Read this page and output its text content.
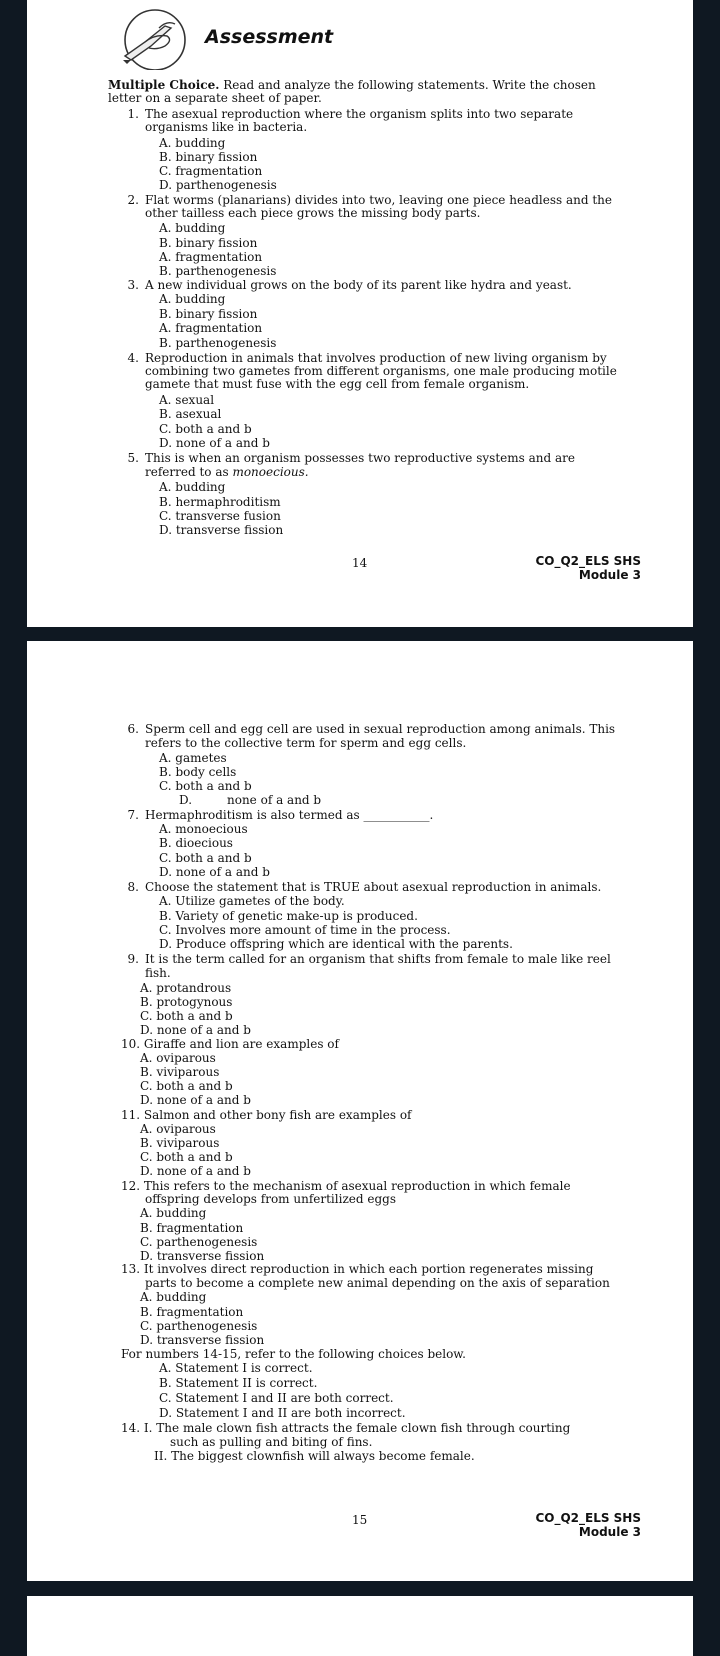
Assessment
Multiple Choice. Read and analyze the following statements. Write the chosen
letter on a separate sheet of paper.
1. The asexual reproduction where the organism splits into two separate
organisms like in bacteria.
A. budding
B. binary fission
C. fragmentation
D. parthenogenesis
2. Flat worms (planarians) divides into two, leaving one piece headless and the
other tailless each piece grows the missing body parts.
A. budding
B. binary fission
A. fragmentation
B. parthenogenesis
3. A new individual grows on the body of its parent like hydra and yeast.
A. budding
B. binary fission
A. fragmentation
B. parthenogenesis
4. Reproduction in animals that involves production of new living organism by
combining two gametes from different organisms, one male producing motile
gamete that must fuse with the egg cell from female organism.
A. sexual
B. asexual
C. both a and b
D. none of a and b
5. This is when an organism possesses two reproductive systems and are
referred to as monoecious.
A. budding
B. hermaphroditism
C. transverse fusion
D. transverse fission
14	CO_Q2_ELS SHS
Module 3
6. Sperm cell and egg cell are used in sexual reproduction among animals. This
refers to the collective term for sperm and egg cells.
A. gametes
B. body cells
C. both a and b
D.	none of a and b
7. Hermaphroditism is also termed as ___________.
A. monoecious
B. dioecious
C. both a and b
D. none of a and b
8. Choose the statement that is TRUE about asexual reproduction in animals.
A. Utilize gametes of the body.
B. Variety of genetic make-up is produced.
C. Involves more amount of time in the process.
D. Produce offspring which are identical with the parents.
9. It is the term called for an organism that shifts from female to male like reel
fish.
A. protandrous
B. protogynous
C. both a and b
D. none of a and b
10. Giraffe and lion are examples of
A. oviparous
B. viviparous
C. both a and b
D. none of a and b
11. Salmon and other bony fish are examples of
A. oviparous
B. viviparous
C. both a and b
D. none of a and b
12. This refers to the mechanism of asexual reproduction in which female
offspring develops from unfertilized eggs
A. budding
B. fragmentation
C. parthenogenesis
D. transverse fission
13. It involves direct reproduction in which each portion regenerates missing
parts to become a complete new animal depending on the axis of separation
A. budding
B. fragmentation
C. parthenogenesis
D. transverse fission
For numbers 14-15, refer to the following choices below.
A. Statement I is correct.
B. Statement II is correct.
C. Statement I and II are both correct.
D. Statement I and II are both incorrect.
14. I. The male clown fish attracts the female clown fish through courting
such as pulling and biting of fins.
II. The biggest clownfish will always become female.
15	CO_Q2_ELS SHS
Module 3
